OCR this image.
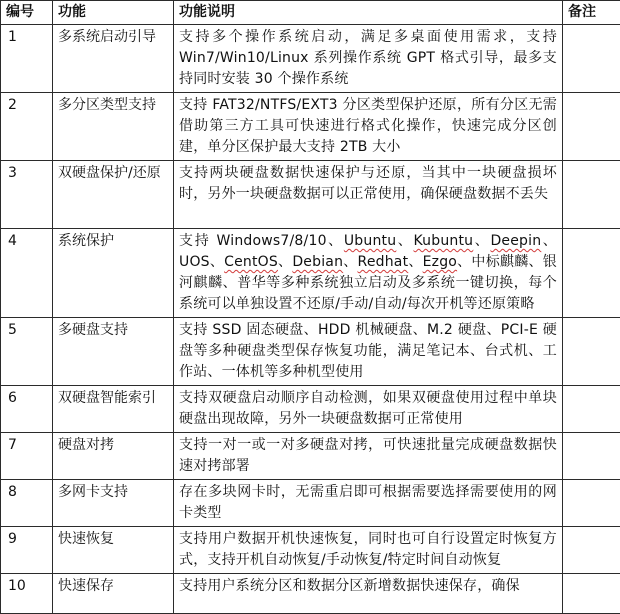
编号	功能	功能说明	备注
1	多系统启动引导	支持多个操作系统启动，满足多桌面使用需求，支持 Win7/Win10/Linux 系列操作系统 GPT 格式引导，最多支持同时安装 30 个操作系统	
2	多分区类型支持	支持 FAT32/NTFS/EXT3 分区类型保护还原，所有分区无需借助第三方工具可快速进行格式化操作，快速完成分区创建，单分区保护最大支持 2TB 大小	
3	双硬盘保护/还原	支持两块硬盘数据快速保护与还原，当其中一块硬盘损坏时，另外一块硬盘数据可以正常使用，确保硬盘数据不丢失	
4	系统保护	支持 Windows7/8/10、Ubuntu、Kubuntu、Deepin、UOS、CentOS、Debian、Redhat、Ezgo、中标麒麟、银河麒麟、普华等多种系统独立启动及多系统一键切换，每个系统可以单独设置不还原/手动/自动/每次开机等还原策略	
5	多硬盘支持	支持 SSD 固态硬盘、HDD 机械硬盘、M.2 硬盘、PCI-E 硬盘等多种硬盘类型保存恢复功能，满足笔记本、台式机、工作站、一体机等多种机型使用	
6	双硬盘智能索引	支持双硬盘启动顺序自动检测，如果双硬盘使用过程中单块硬盘出现故障，另外一块硬盘数据可正常使用	
7	硬盘对拷	支持一对一或一对多硬盘对拷，可快速批量完成硬盘数据快速对拷部署	
8	多网卡支持	存在多块网卡时，无需重启即可根据需要选择需要使用的网卡类型	
9	快速恢复	支持用户数据开机快速恢复，同时也可自行设置定时恢复方式，支持开机自动恢复/手动恢复/特定时间自动恢复	
10	快速保存	支持用户系统分区和数据分区新增数据快速保存，确保	
